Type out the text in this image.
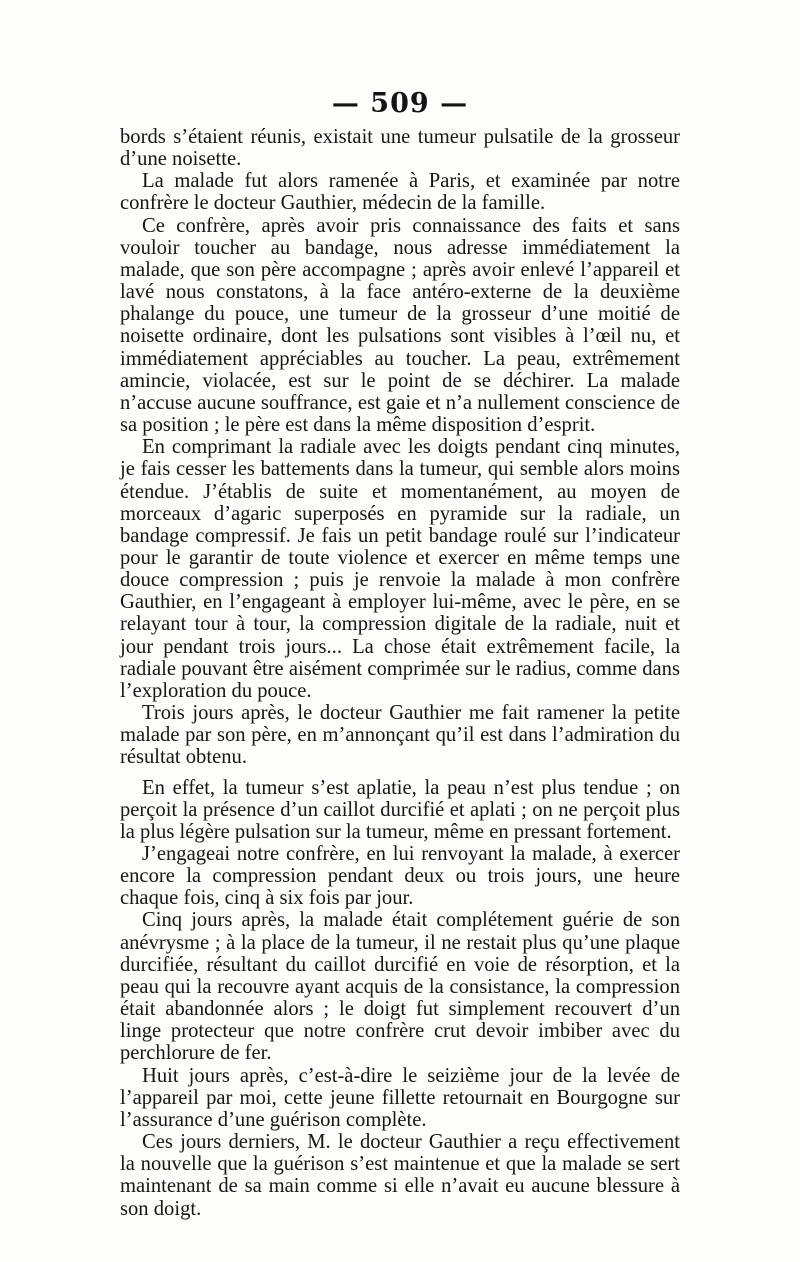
— 509 —

bords s’étaient réunis, existait une tumeur pulsatile de la grosseur d’une noisette.

La malade fut alors ramenée à Paris, et examinée par notre confrère le docteur Gauthier, médecin de la famille.

Ce confrère, après avoir pris connaissance des faits et sans vouloir toucher au bandage, nous adresse immédiatement la malade, que son père accompagne ; après avoir enlevé l’appareil et lavé nous constatons, à la face antéro-externe de la deuxième phalange du pouce, une tumeur de la grosseur d’une moitié de noisette ordinaire, dont les pulsations sont visibles à l’œil nu, et immédiatement appréciables au toucher. La peau, extrêmement amincie, violacée, est sur le point de se déchirer. La malade n’accuse aucune souffrance, est gaie et n’a nullement conscience de sa position ; le père est dans la même disposition d’esprit.

En comprimant la radiale avec les doigts pendant cinq minutes, je fais cesser les battements dans la tumeur, qui semble alors moins étendue. J’établis de suite et momentanément, au moyen de morceaux d’agaric superposés en pyramide sur la radiale, un bandage compressif. Je fais un petit bandage roulé sur l’indicateur pour le garantir de toute violence et exercer en même temps une douce compression ; puis je renvoie la malade à mon confrère Gauthier, en l’engageant à employer lui-même, avec le père, en se relayant tour à tour, la compression digitale de la radiale, nuit et jour pendant trois jours... La chose était extrêmement facile, la radiale pouvant être aisément comprimée sur le radius, comme dans l’exploration du pouce.

Trois jours après, le docteur Gauthier me fait ramener la petite malade par son père, en m’annonçant qu’il est dans l’admiration du résultat obtenu.

En effet, la tumeur s’est aplatie, la peau n’est plus tendue ; on perçoit la présence d’un caillot durcifié et aplati ; on ne perçoit plus la plus légère pulsation sur la tumeur, même en pressant fortement.

J’engageai notre confrère, en lui renvoyant la malade, à exercer encore la compression pendant deux ou trois jours, une heure chaque fois, cinq à six fois par jour.

Cinq jours après, la malade était complétement guérie de son anévrysme ; à la place de la tumeur, il ne restait plus qu’une plaque durcifiée, résultant du caillot durcifié en voie de résorption, et la peau qui la recouvre ayant acquis de la consistance, la compression était abandonnée alors ; le doigt fut simplement recouvert d’un linge protecteur que notre confrère crut devoir imbiber avec du perchlorure de fer.

Huit jours après, c’est-à-dire le seizième jour de la levée de l’appareil par moi, cette jeune fillette retournait en Bourgogne sur l’assurance d’une guérison complète.

Ces jours derniers, M. le docteur Gauthier a reçu effectivement la nouvelle que la guérison s’est maintenue et que la malade se sert maintenant de sa main comme si elle n’avait eu aucune blessure à son doigt.
